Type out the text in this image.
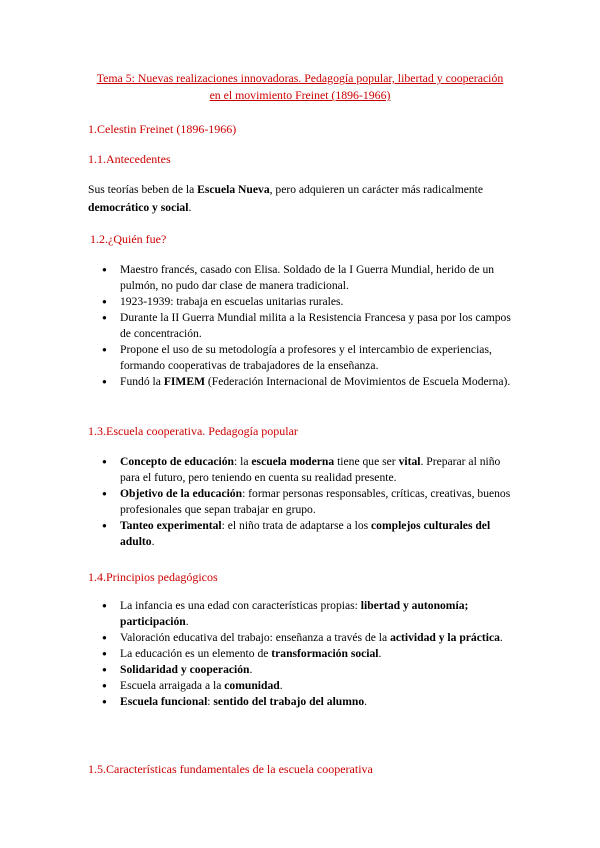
Tema 5: Nuevas realizaciones innovadoras. Pedagogía popular, libertad y cooperación
en el movimiento Freinet (1896-1966)
1.Celestin Freinet (1896-1966)
1.1.Antecedentes
Sus teorías beben de la Escuela Nueva, pero adquieren un carácter más radicalmente
democrático y social.
1.2.¿Quién fue?
● Maestro francés, casado con Elisa. Soldado de la I Guerra Mundial, herido de un pulmón, no pudo dar clase de manera tradicional.
● 1923-1939: trabaja en escuelas unitarias rurales.
● Durante la II Guerra Mundial milita a la Resistencia Francesa y pasa por los campos de concentración.
● Propone el uso de su metodología a profesores y el intercambio de experiencias, formando cooperativas de trabajadores de la enseñanza.
● Fundó la FIMEM (Federación Internacional de Movimientos de Escuela Moderna).
1.3.Escuela cooperativa. Pedagogía popular
● Concepto de educación: la escuela moderna tiene que ser vital. Preparar al niño para el futuro, pero teniendo en cuenta su realidad presente.
● Objetivo de la educación: formar personas responsables, críticas, creativas, buenos profesionales que sepan trabajar en grupo.
● Tanteo experimental: el niño trata de adaptarse a los complejos culturales del adulto.
1.4.Principios pedagógicos
● La infancia es una edad con características propias: libertad y autonomía; participación.
● Valoración educativa del trabajo: enseñanza a través de la actividad y la práctica.
● La educación es un elemento de transformación social.
● Solidaridad y cooperación.
● Escuela arraigada a la comunidad.
● Escuela funcional: sentido del trabajo del alumno.
1.5.Características fundamentales de la escuela cooperativa
